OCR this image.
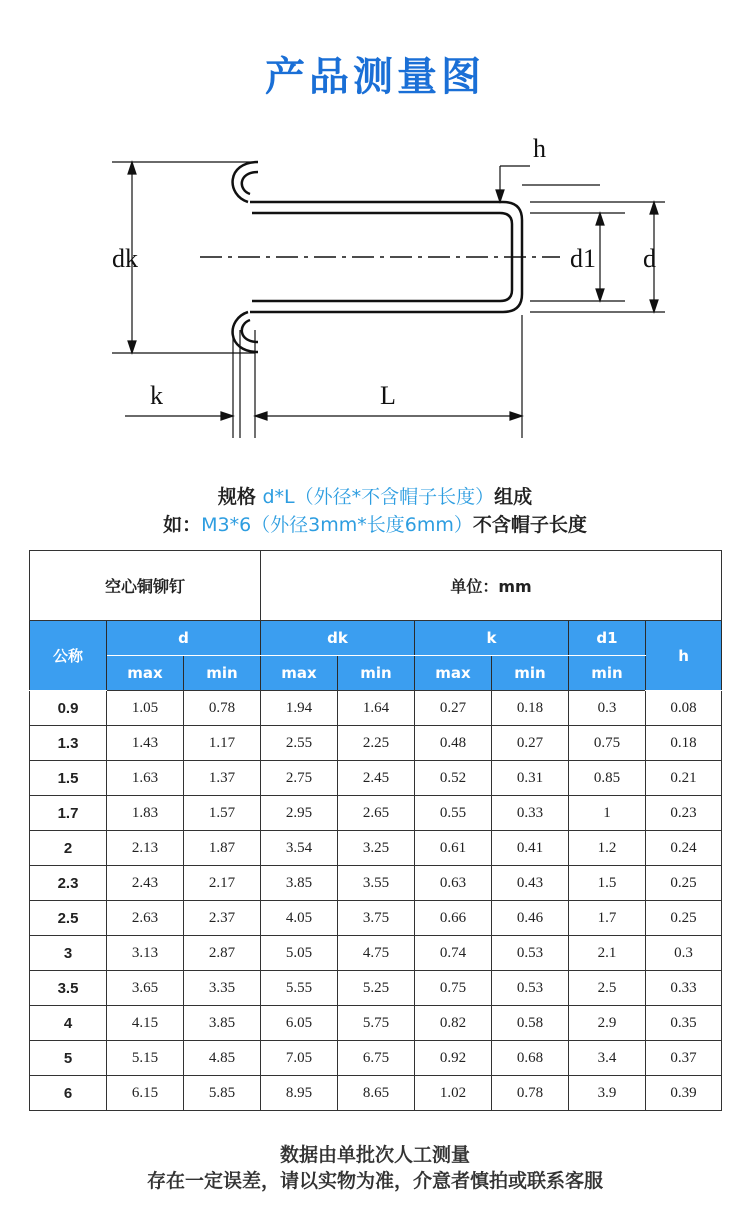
产品测量图
dk
k	L
h
d1 d
规格 d*L（外径*不含帽子长度）组成
如：M3*6（外径3mm*长度6mm）不含帽子长度
空心铜铆钉			单位：mm					
公称	d		dk		k		d1	h
	max	min	max	min	max	min	min	
0.9	1.05	0.78	1.94	1.64	0.27	0.18	0.3	0.08
1.3	1.43	1.17	2.55	2.25	0.48	0.27	0.75	0.18
1.5	1.63	1.37	2.75	2.45	0.52	0.31	0.85	0.21
1.7	1.83	1.57	2.95	2.65	0.55	0.33	1	0.23
2	2.13	1.87	3.54	3.25	0.61	0.41	1.2	0.24
2.3	2.43	2.17	3.85	3.55	0.63	0.43	1.5	0.25
2.5	2.63	2.37	4.05	3.75	0.66	0.46	1.7	0.25
3	3.13	2.87	5.05	4.75	0.74	0.53	2.1	0.3
3.5	3.65	3.35	5.55	5.25	0.75	0.53	2.5	0.33
4	4.15	3.85	6.05	5.75	0.82	0.58	2.9	0.35
5	5.15	4.85	7.05	6.75	0.92	0.68	3.4	0.37
6	6.15	5.85	8.95	8.65	1.02	0.78	3.9	0.39
数据由单批次人工测量
存在一定误差，请以实物为准，介意者慎拍或联系客服
